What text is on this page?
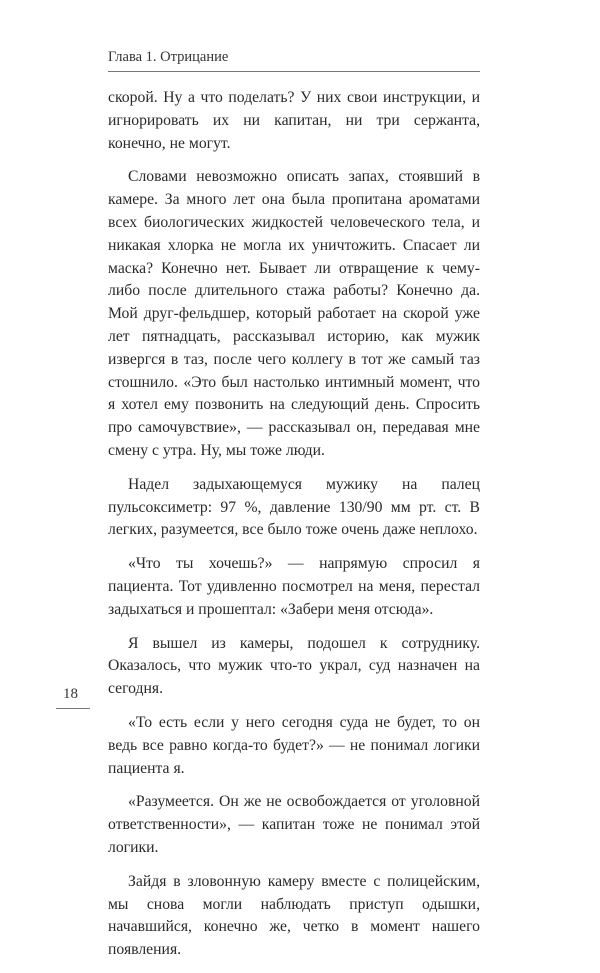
Глава 1. Отрицание

скорой. Ну а что поделать? У них свои инструкции, и игнорировать их ни капитан, ни три сержанта, конечно, не могут.

Словами невозможно описать запах, стоявший в камере. За много лет она была пропитана ароматами всех биологических жидкостей человеческого тела, и никакая хлорка не могла их уничтожить. Спасает ли маска? Конечно нет. Бывает ли отвращение к чему-либо после длительного стажа работы? Конечно да. Мой друг-фельдшер, который работает на скорой уже лет пятнадцать, рассказывал историю, как мужик извергся в таз, после чего коллегу в тот же самый таз стошнило. «Это был настолько интимный момент, что я хотел ему позвонить на следующий день. Спросить про самочувствие», — рассказывал он, передавая мне смену с утра. Ну, мы тоже люди.

Надел задыхающемуся мужику на палец пульсоксиметр: 97 %, давление 130/90 мм рт. ст. В легких, разумеется, все было тоже очень даже неплохо.

«Что ты хочешь?» — напрямую спросил я пациента. Тот удивленно посмотрел на меня, перестал задыхаться и прошептал: «Забери меня отсюда».

Я вышел из камеры, подошел к сотруднику. Оказалось, что мужик что-то украл, суд назначен на сегодня.

«То есть если у него сегодня суда не будет, то он ведь все равно когда-то будет?» — не понимал логики пациента я.

«Разумеется. Он же не освобождается от уголовной ответственности», — капитан тоже не понимал этой логики.

Зайдя в зловонную камеру вместе с полицейским, мы снова могли наблюдать приступ одышки, начавшийся, конечно же, четко в момент нашего появления.

18
